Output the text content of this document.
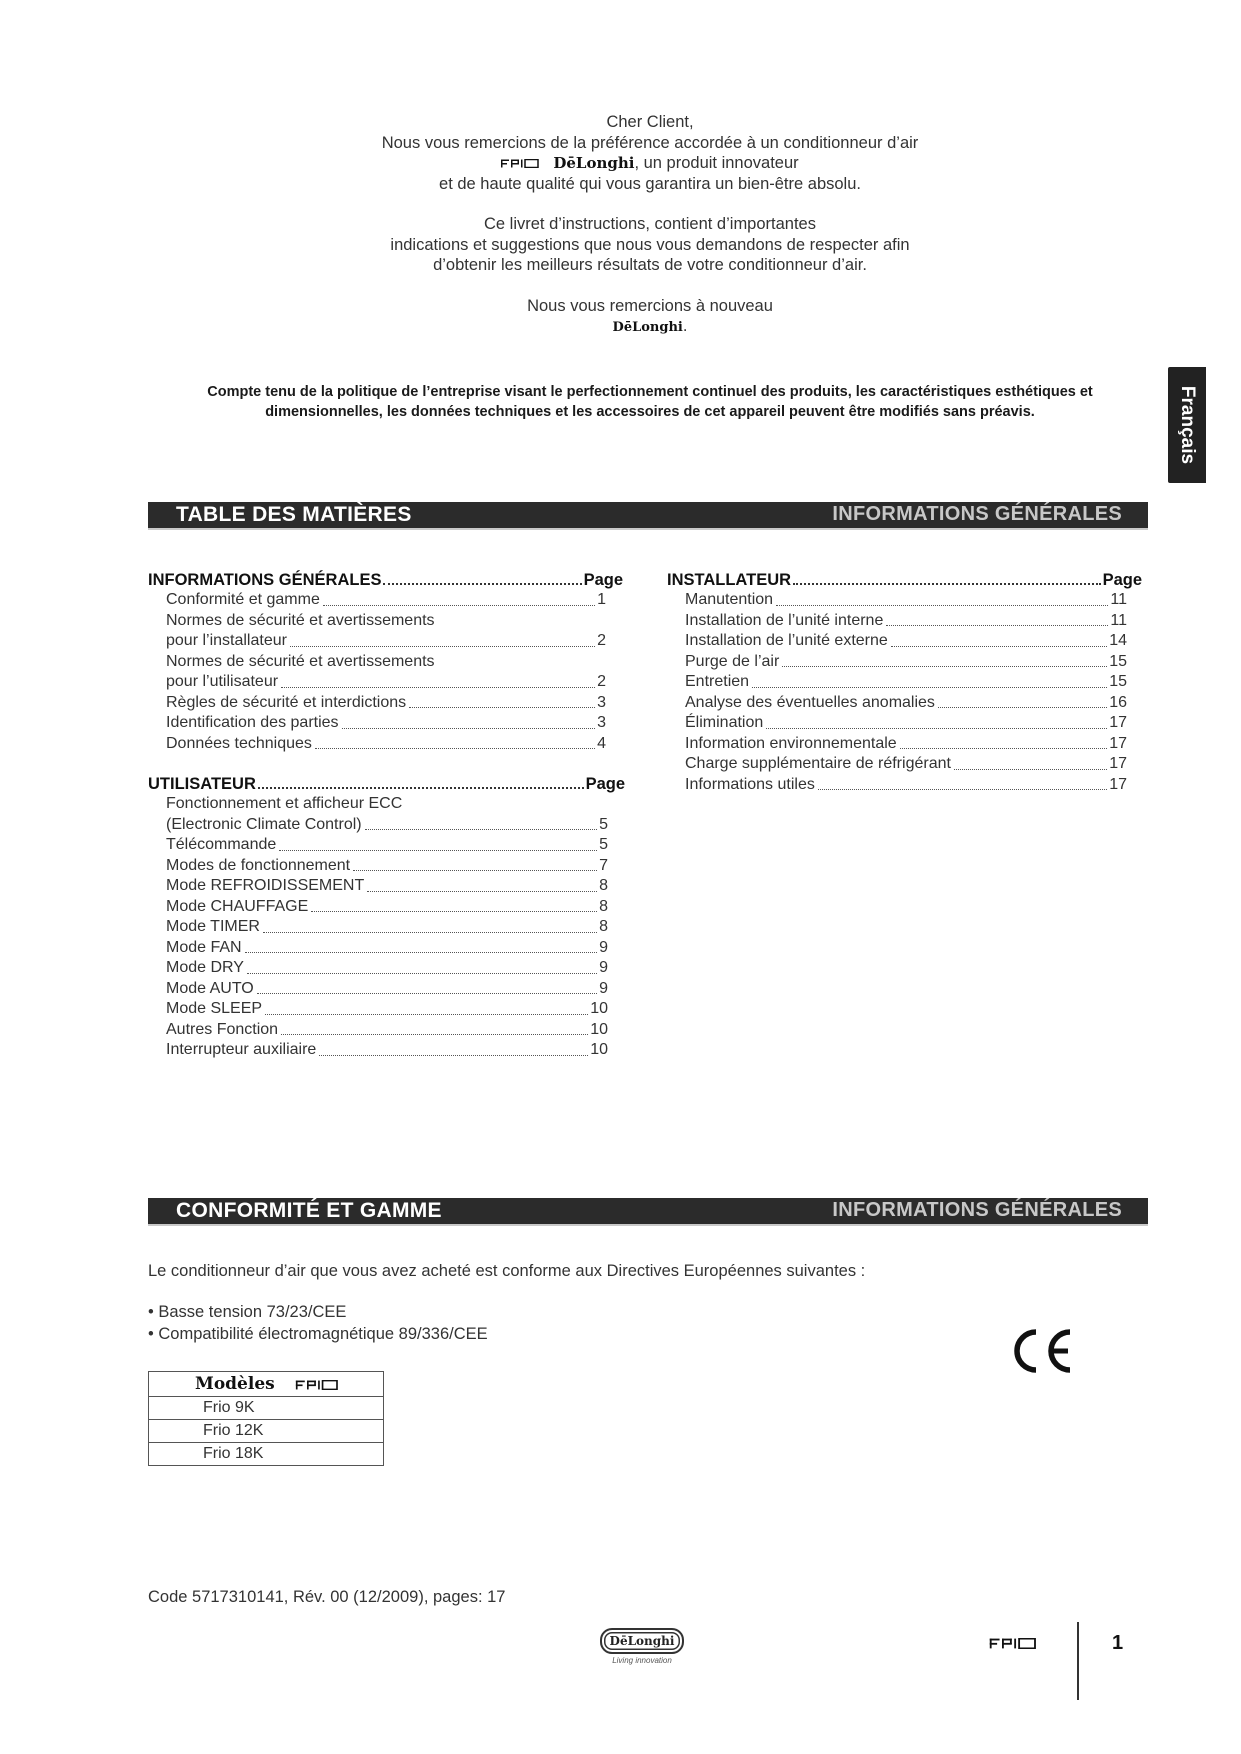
Cher Client,

Nous vous remercions de la préférence accordée à un conditionneur d’air

DēLonghi, un produit innovateur

et de haute qualité qui vous garantira un bien-être absolu.

Ce livret d’instructions, contient d’importantes

indications et suggestions que nous vous demandons de respecter afin

d’obtenir les meilleurs résultats de votre conditionneur d’air.

Nous vous remercions à nouveau

DēLonghi.

Compte tenu de la politique de l’entreprise visant le perfectionnement continuel des produits, les caractéristiques esthétiques et
dimensionnelles, les données techniques et les accessoires de cet appareil peuvent être modifiés sans préavis.	Français
TABLE DES MATIÈRES	INFORMATIONS GÉNÉRALES
INFORMATIONS GÉNÉRALES	Page
Conformité et gamme	1
Normes de sécurité et avertissements
pour l’installateur	2
Normes de sécurité et avertissements
pour l’utilisateur	2
Règles de sécurité et interdictions	3
Identification des parties	3
Données techniques	4
UTILISATEUR	Page
Fonctionnement et afficheur ECC
(Electronic Climate Control)	5
Télécommande	5
Modes de fonctionnement	7
Mode REFROIDISSEMENT	8
Mode CHAUFFAGE	8
Mode TIMER	8
Mode FAN	9
Mode DRY	9
Mode AUTO	9
Mode SLEEP	10
Autres Fonction	10
Interrupteur auxiliaire	10
INSTALLATEUR	Page
Manutention	11
Installation de l’unité interne	11
Installation de l’unité externe	14
Purge de l’air	15
Entretien	15
Analyse des éventuelles anomalies	16
Élimination	17
Information environnementale	17
Charge supplémentaire de réfrigérant	17
Informations utiles	17
CONFORMITÉ ET GAMME	INFORMATIONS GÉNÉRALES
Le conditionneur d’air que vous avez acheté est conforme aux Directives Européennes suivantes :
• Basse tension 73/23/CEE
• Compatibilité électromagnétique 89/336/CEE
Modèles
Frio 9K
Frio 12K
Frio 18K
Code 5717310141, Rév. 00 (12/2009), pages: 17
DēLonghi
Living innovation
1
